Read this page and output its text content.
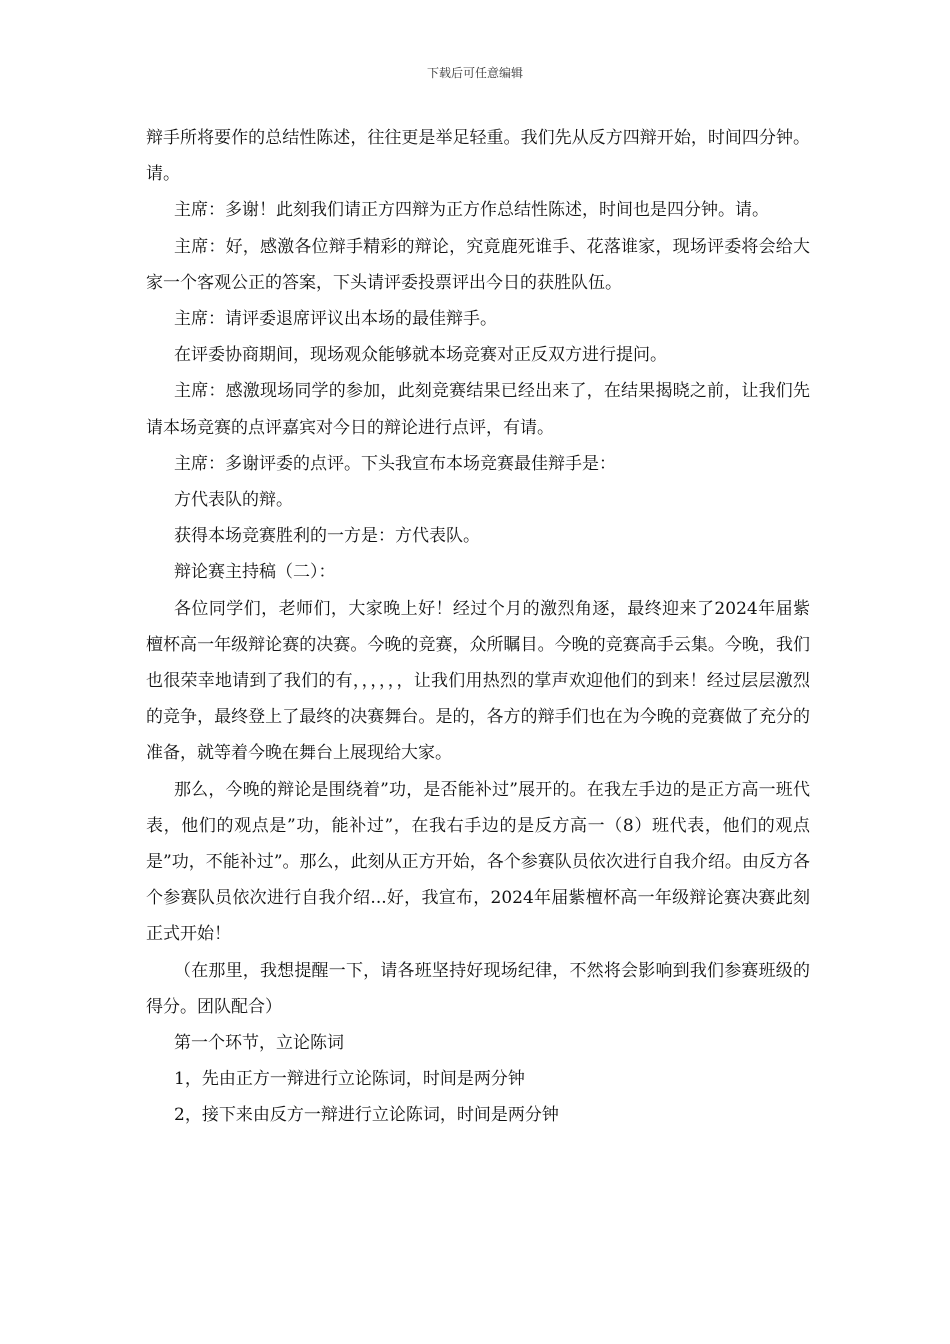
下载后可任意编辑

辩手所将要作的总结性陈述，往往更是举足轻重。我们先从反方四辩开始，时间四分钟。请。

主席：多谢！此刻我们请正方四辩为正方作总结性陈述，时间也是四分钟。请。

主席：好，感激各位辩手精彩的辩论，究竟鹿死谁手、花落谁家，现场评委将会给大家一个客观公正的答案，下头请评委投票评出今日的获胜队伍。

主席：请评委退席评议出本场的最佳辩手。

在评委协商期间，现场观众能够就本场竞赛对正反双方进行提问。

主席：感激现场同学的参加，此刻竞赛结果已经出来了，在结果揭晓之前，让我们先请本场竞赛的点评嘉宾对今日的辩论进行点评，有请。

主席：多谢评委的点评。下头我宣布本场竞赛最佳辩手是：

方代表队的辩。

获得本场竞赛胜利的一方是：方代表队。

辩论赛主持稿（二）：

各位同学们，老师们，大家晚上好！经过个月的激烈角逐，最终迎来了2024年届紫檀杯高一年级辩论赛的决赛。今晚的竞赛，众所瞩目。今晚的竞赛高手云集。今晚，我们也很荣幸地请到了我们的有，，，，，，让我们用热烈的掌声欢迎他们的到来！经过层层激烈的竞争，最终登上了最终的决赛舞台。是的，各方的辩手们也在为今晚的竞赛做了充分的准备，就等着今晚在舞台上展现给大家。

那么，今晚的辩论是围绕着”功，是否能补过”展开的。在我左手边的是正方高一班代表，他们的观点是”功，能补过”，在我右手边的是反方高一（8）班代表，他们的观点是”功，不能补过”。那么，此刻从正方开始，各个参赛队员依次进行自我介绍。由反方各个参赛队员依次进行自我介绍...好，我宣布，2024年届紫檀杯高一年级辩论赛决赛此刻正式开始！

（在那里，我想提醒一下，请各班坚持好现场纪律，不然将会影响到我们参赛班级的得分。团队配合）

第一个环节，立论陈词

1，先由正方一辩进行立论陈词，时间是两分钟

2，接下来由反方一辩进行立论陈词，时间是两分钟
